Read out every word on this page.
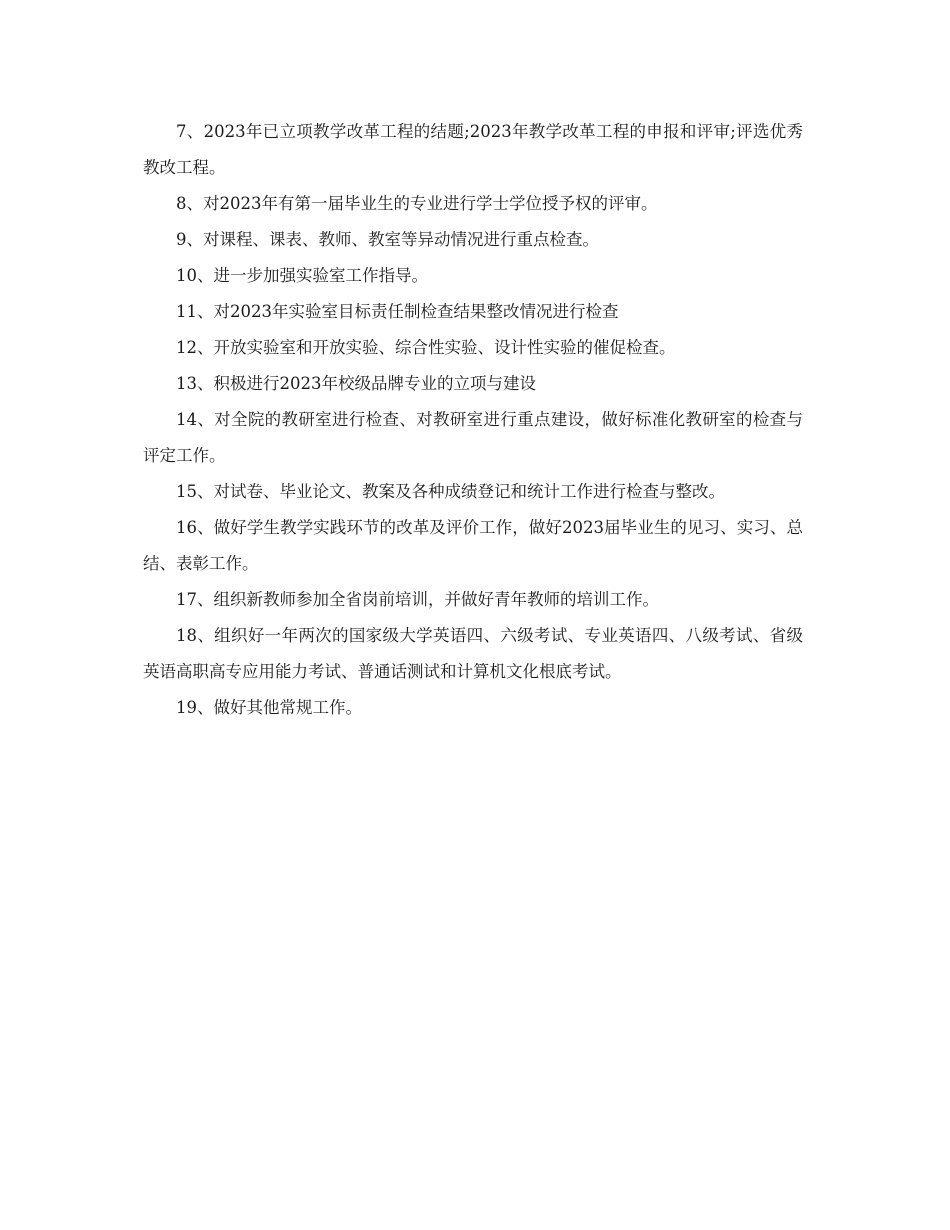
7、2023年已立项教学改革工程的结题;2023年教学改革工程的申报和评审;评选优秀教改工程。

8、对2023年有第一届毕业生的专业进行学士学位授予权的评审。

9、对课程、课表、教师、教室等异动情况进行重点检查。

10、进一步加强实验室工作指导。

11、对2023年实验室目标责任制检查结果整改情况进行检查

12、开放实验室和开放实验、综合性实验、设计性实验的催促检查。

13、积极进行2023年校级品牌专业的立项与建设

14、对全院的教研室进行检查、对教研室进行重点建设，做好标准化教研室的检查与评定工作。

15、对试卷、毕业论文、教案及各种成绩登记和统计工作进行检查与整改。

16、做好学生教学实践环节的改革及评价工作，做好2023届毕业生的见习、实习、总结、表彰工作。

17、组织新教师参加全省岗前培训，并做好青年教师的培训工作。

18、组织好一年两次的国家级大学英语四、六级考试、专业英语四、八级考试、省级英语高职高专应用能力考试、普通话测试和计算机文化根底考试。

19、做好其他常规工作。
